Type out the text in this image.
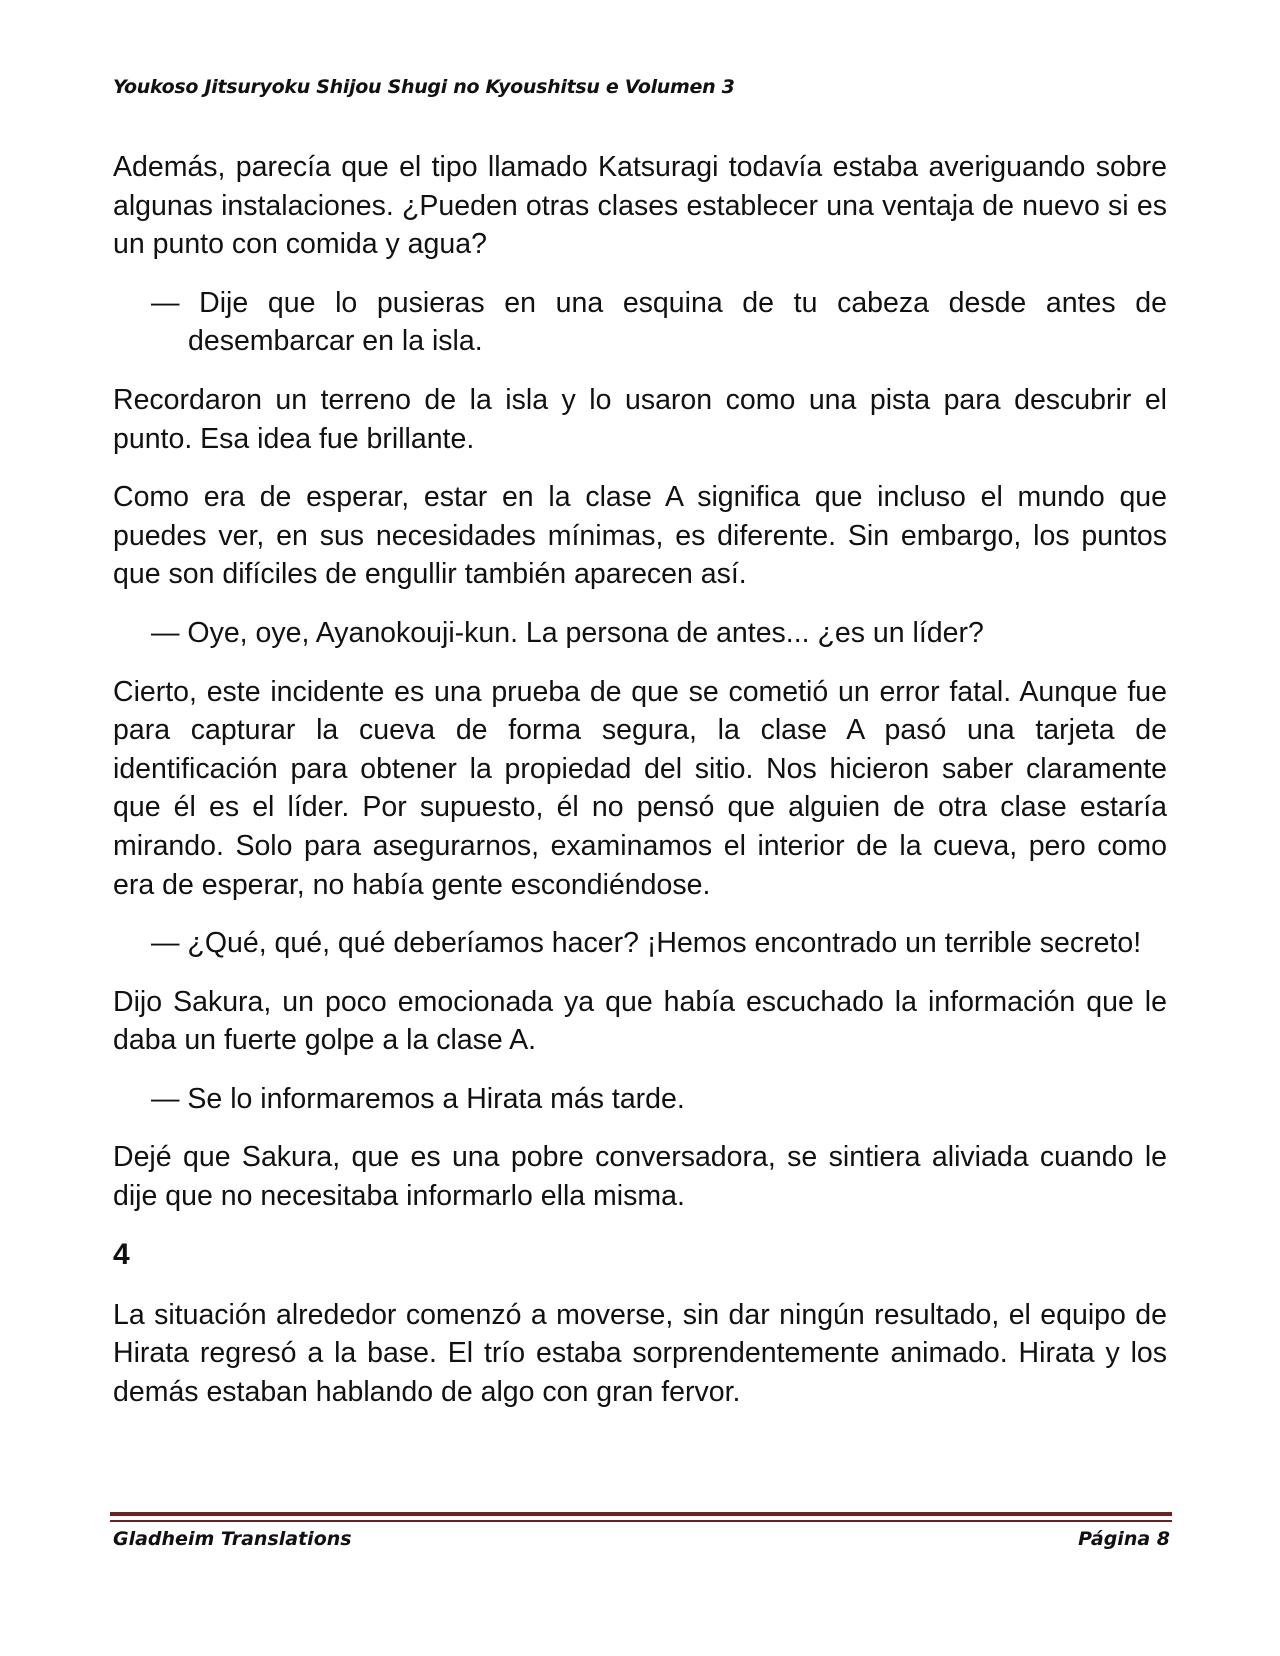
Youkoso Jitsuryoku Shijou Shugi no Kyoushitsu e Volumen 3

Además, parecía que el tipo llamado Katsuragi todavía estaba averiguando sobre algunas instalaciones. ¿Pueden otras clases establecer una ventaja de nuevo si es un punto con comida y agua?

— Dije que lo pusieras en una esquina de tu cabeza desde antes de desembarcar en la isla.

Recordaron un terreno de la isla y lo usaron como una pista para descubrir el punto. Esa idea fue brillante.

Como era de esperar, estar en la clase A significa que incluso el mundo que puedes ver, en sus necesidades mínimas, es diferente. Sin embargo, los puntos que son difíciles de engullir también aparecen así.

— Oye, oye, Ayanokouji-kun. La persona de antes... ¿es un líder?

Cierto, este incidente es una prueba de que se cometió un error fatal. Aunque fue para capturar la cueva de forma segura, la clase A pasó una tarjeta de identificación para obtener la propiedad del sitio. Nos hicieron saber claramente que él es el líder. Por supuesto, él no pensó que alguien de otra clase estaría mirando. Solo para asegurarnos, examinamos el interior de la cueva, pero como era de esperar, no había gente escondiéndose.

— ¿Qué, qué, qué deberíamos hacer? ¡Hemos encontrado un terrible secreto!

Dijo Sakura, un poco emocionada ya que había escuchado la información que le daba un fuerte golpe a la clase A.

— Se lo informaremos a Hirata más tarde.

Dejé que Sakura, que es una pobre conversadora, se sintiera aliviada cuando le dije que no necesitaba informarlo ella misma.

4

La situación alrededor comenzó a moverse, sin dar ningún resultado, el equipo de Hirata regresó a la base. El trío estaba sorprendentemente animado. Hirata y los demás estaban hablando de algo con gran fervor.

Gladheim Translations	Página 8
